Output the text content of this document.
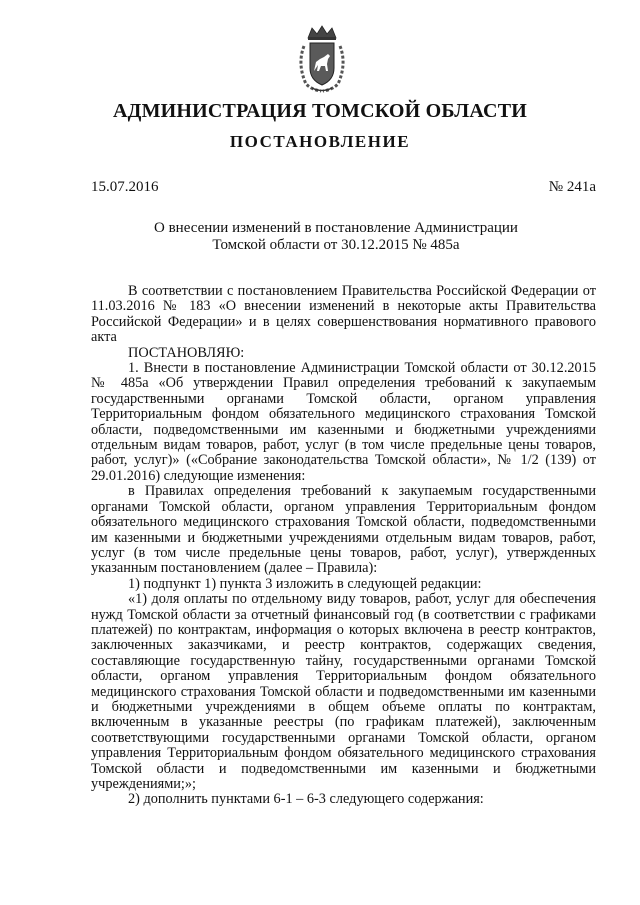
АДМИНИСТРАЦИЯ ТОМСКОЙ ОБЛАСТИ
ПОСТАНОВЛЕНИЕ
15.07.2016	№ 241а
О внесении изменений в постановление Администрации
Томской области от 30.12.2015 № 485а

В соответствии с постановлением Правительства Российской Федерации от 11.03.2016 № 183 «О внесении изменений в некоторые акты Правительства Российской Федерации» и в целях совершенствования нормативного правового акта

ПОСТАНОВЛЯЮ:

1. Внести в постановление Администрации Томской области от 30.12.2015 № 485а «Об утверждении Правил определения требований к закупаемым государственными органами Томской области, органом управления Территориальным фондом обязательного медицинского страхования Томской области, подведомственными им казенными и бюджетными учреждениями отдельным видам товаров, работ, услуг (в том числе предельные цены товаров, работ, услуг)» («Собрание законодательства Томской области», № 1/2 (139) от 29.01.2016) следующие изменения:

в Правилах определения требований к закупаемым государственными органами Томской области, органом управления Территориальным фондом обязательного медицинского страхования Томской области, подведомственными им казенными и бюджетными учреждениями отдельным видам товаров, работ, услуг (в том числе предельные цены товаров, работ, услуг), утвержденных указанным постановлением (далее – Правила):

1) подпункт 1) пункта 3 изложить в следующей редакции:

«1) доля оплаты по отдельному виду товаров, работ, услуг для обеспечения нужд Томской области за отчетный финансовый год (в соответствии с графиками платежей) по контрактам, информация о которых включена в реестр контрактов, заключенных заказчиками, и реестр контрактов, содержащих сведения, составляющие государственную тайну, государственными органами Томской области, органом управления Территориальным фондом обязательного медицинского страхования Томской области и подведомственными им казенными и бюджетными учреждениями в общем объеме оплаты по контрактам, включенным в указанные реестры (по графикам платежей), заключенным соответствующими государственными органами Томской области, органом управления Территориальным фондом обязательного медицинского страхования Томской области и подведомственными им казенными и бюджетными учреждениями;»;

2) дополнить пунктами 6-1 – 6-3 следующего содержания:
